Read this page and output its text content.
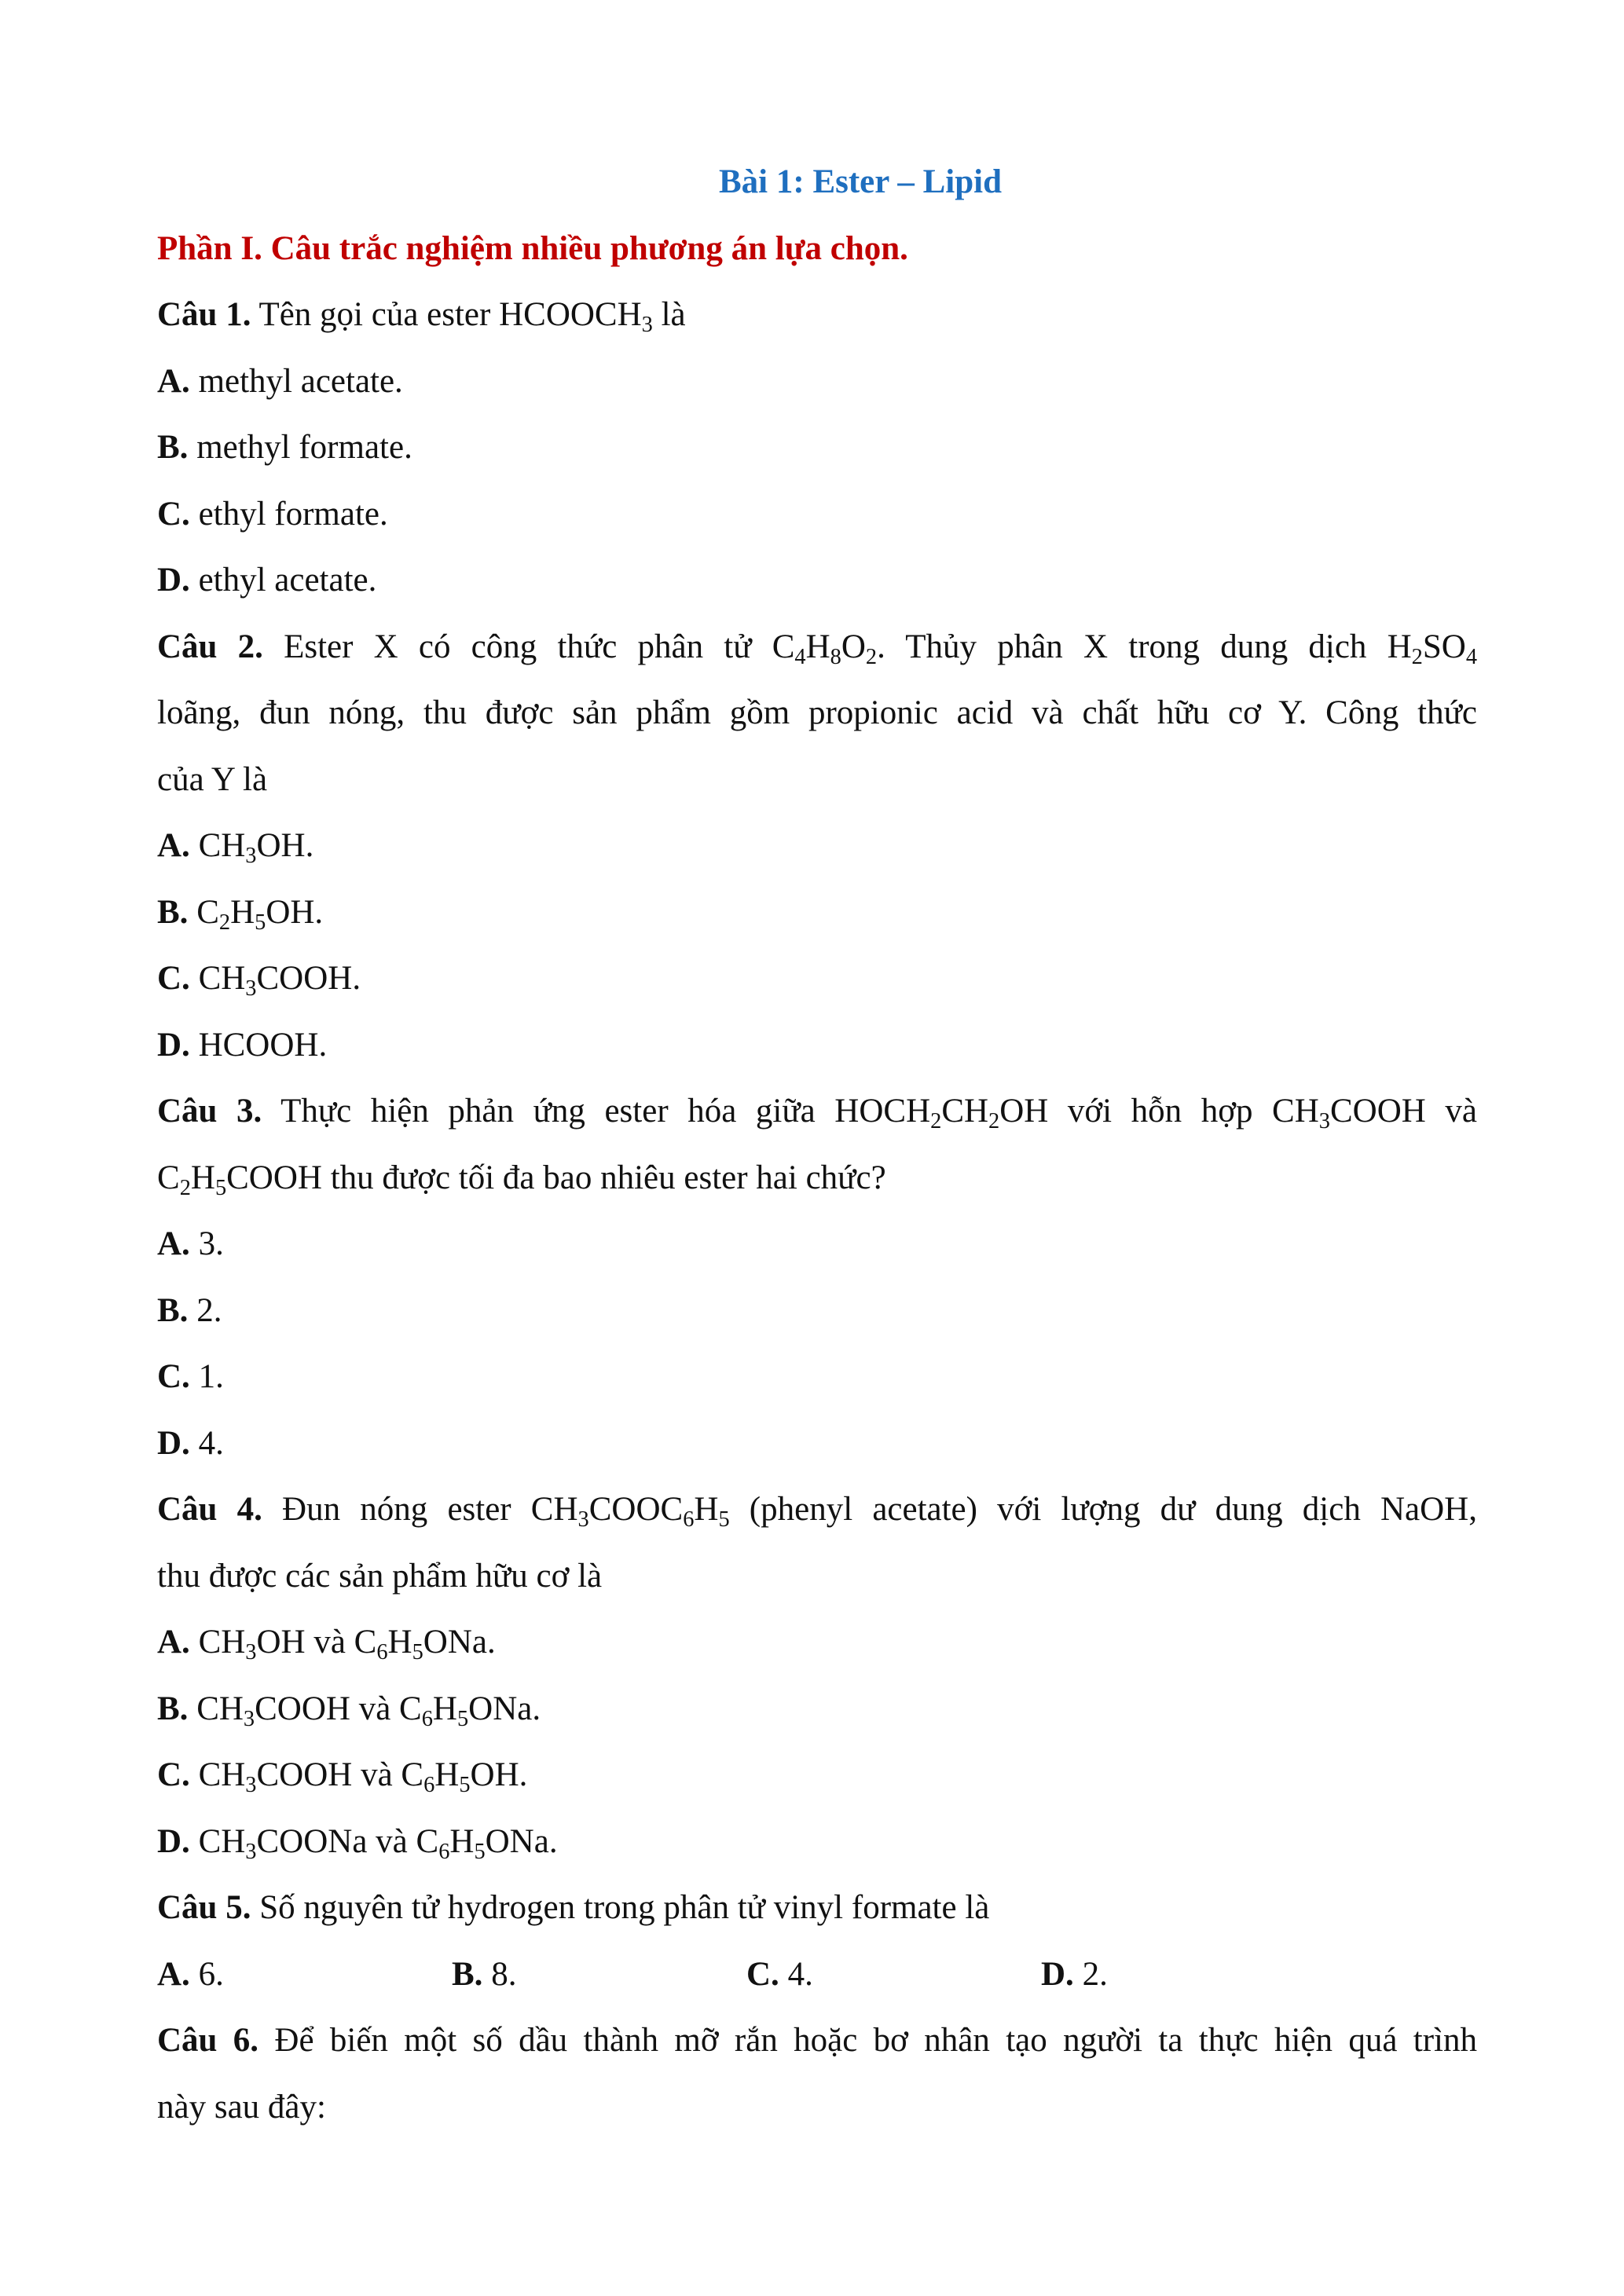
Bài 1: Ester – Lipid
Phần I. Câu trắc nghiệm nhiều phương án lựa chọn.
Câu 1. Tên gọi của ester $HCOOCH_3$ là
A. methyl acetate.
B. methyl formate.
C. ethyl formate.
D. ethyl acetate.
Câu 2. Ester X có công thức phân tử $C_4H_8O_2$. Thủy phân X trong dung dịch $H_2SO_4$
loãng, đun nóng, thu được sản phẩm gồm propionic acid và chất hữu cơ Y. Công thức
của Y là
A. $CH_3OH$.
B. $C_2H_5OH$.
C. $CH_3COOH$.
D. HCOOH.
Câu 3. Thực hiện phản ứng ester hóa giữa $HOCH_2CH_2OH$ với hỗn hợp $CH_3COOH$ và
$C_2H_5COOH$ thu được tối đa bao nhiêu ester hai chức?
A. 3.
B. 2.
C. 1.
D. 4.
Câu 4. Đun nóng ester $CH_3COOC_6H_5$ (phenyl acetate) với lượng dư dung dịch NaOH,
thu được các sản phẩm hữu cơ là
A. $CH_3OH$ và $C_6H_5ONa$.
B. $CH_3COOH$ và $C_6H_5ONa$.
C. $CH_3COOH$ và $C_6H_5OH$.
D. $CH_3COONa$ và $C_6H_5ONa$.
Câu 5. Số nguyên tử hydrogen trong phân tử vinyl formate là
A. 6.	B. 8.	C. 4.	D. 2.
Câu 6. Để biến một số dầu thành mỡ rắn hoặc bơ nhân tạo người ta thực hiện quá trình
này sau đây:
